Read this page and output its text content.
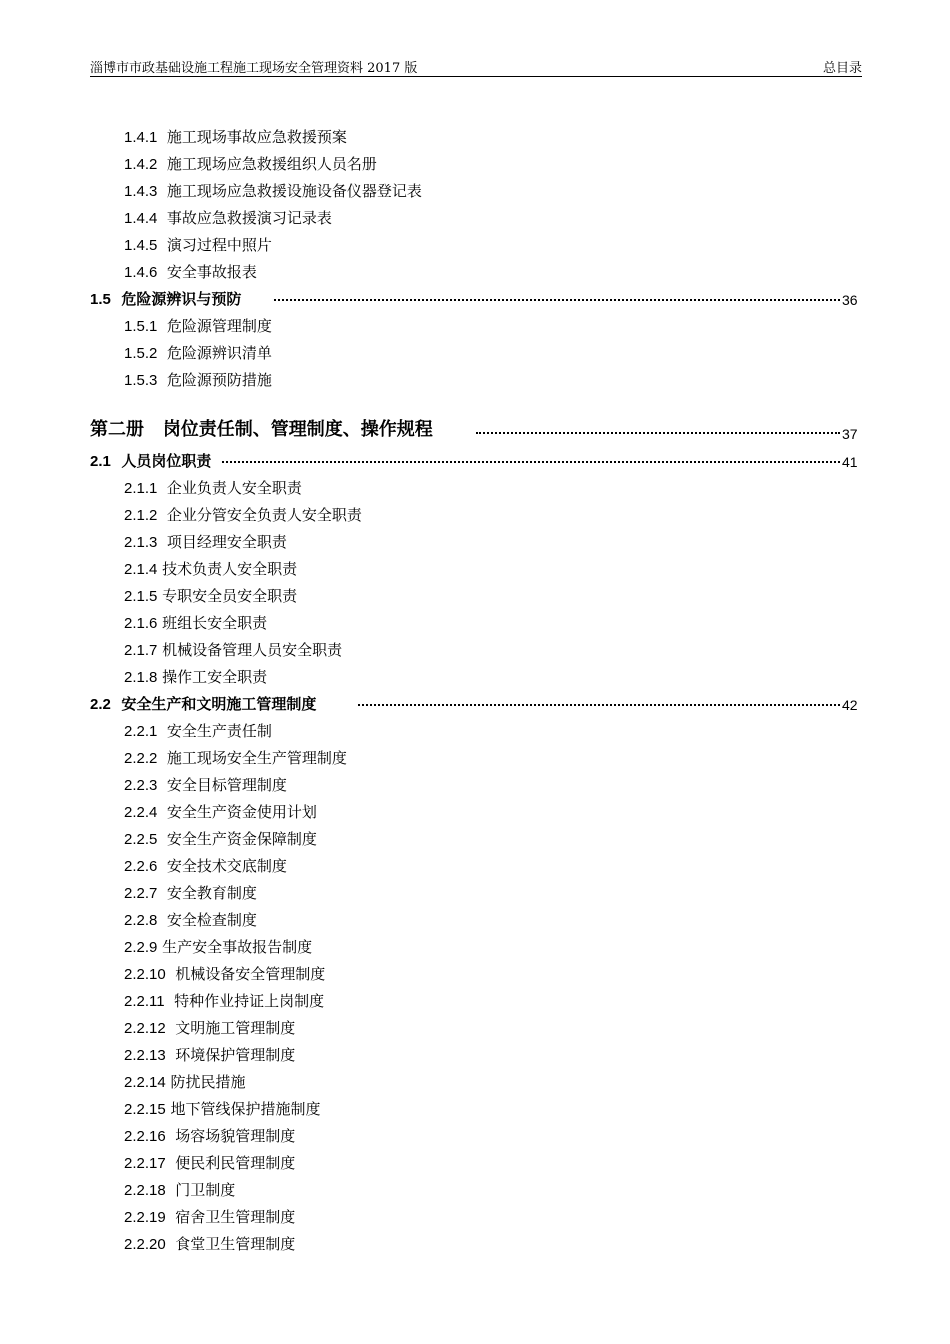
淄博市市政基础设施工程施工现场安全管理资料 2017 版	总目录
1.4.1 施工现场事故应急救援预案
1.4.2 施工现场应急救援组织人员名册
1.4.3 施工现场应急救援设施设备仪器登记表
1.4.4 事故应急救援演习记录表
1.4.5 演习过程中照片
1.4.6 安全事故报表
1.5 危险源辨识与预防	36
1.5.1 危险源管理制度
1.5.2 危险源辨识清单
1.5.3 危险源预防措施
第二册 岗位责任制、管理制度、操作规程	37
2.1 人员岗位职责	41
2.1.1 企业负责人安全职责
2.1.2 企业分管安全负责人安全职责
2.1.3 项目经理安全职责
2.1.4 技术负责人安全职责
2.1.5 专职安全员安全职责
2.1.6 班组长安全职责
2.1.7 机械设备管理人员安全职责
2.1.8 操作工安全职责
2.2 安全生产和文明施工管理制度	42
2.2.1 安全生产责任制
2.2.2 施工现场安全生产管理制度
2.2.3 安全目标管理制度
2.2.4 安全生产资金使用计划
2.2.5 安全生产资金保障制度
2.2.6 安全技术交底制度
2.2.7 安全教育制度
2.2.8 安全检查制度
2.2.9 生产安全事故报告制度
2.2.10 机械设备安全管理制度
2.2.11 特种作业持证上岗制度
2.2.12 文明施工管理制度
2.2.13 环境保护管理制度
2.2.14 防扰民措施
2.2.15 地下管线保护措施制度
2.2.16 场容场貌管理制度
2.2.17 便民利民管理制度
2.2.18 门卫制度
2.2.19 宿舍卫生管理制度
2.2.20 食堂卫生管理制度
